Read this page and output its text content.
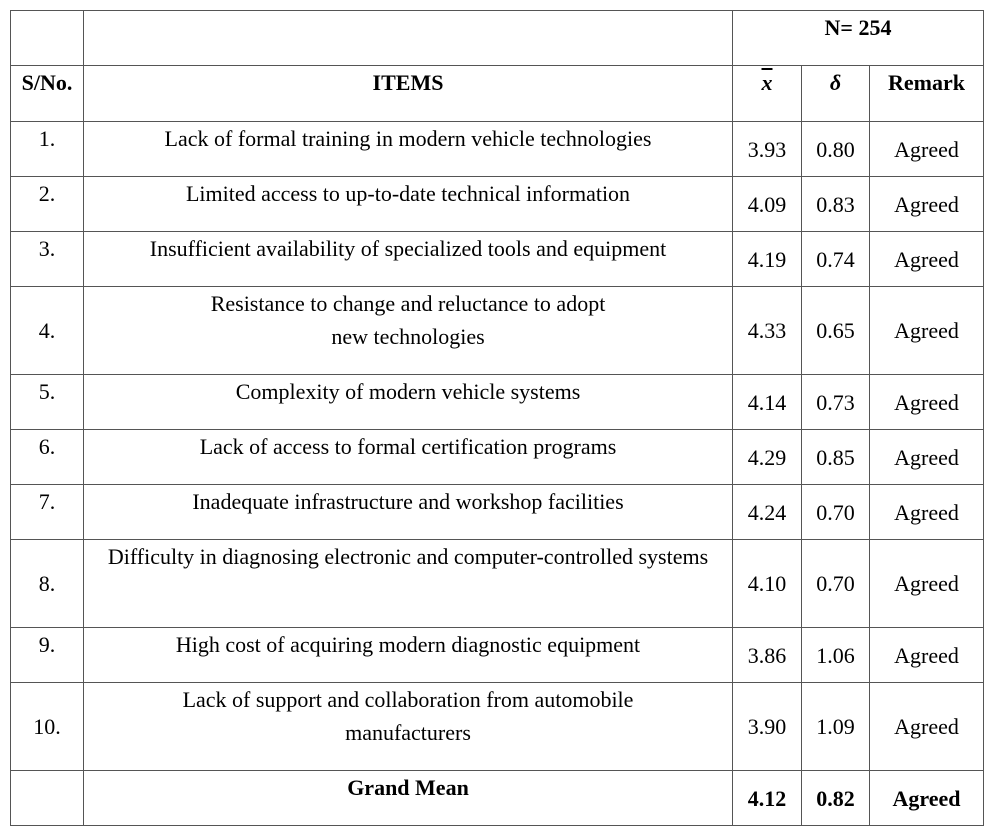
		N= 254		
S/No.	ITEMS	$\overline{x}$	δ	Remark
1.	Lack of formal training in modern vehicle technologies	3.93	0.80	Agreed
2.	Limited access to up-to-date technical information	4.09	0.83	Agreed
3.	Insufficient availability of specialized tools and equipment	4.19	0.74	Agreed
4.	Resistance to change and reluctance to adopt new technologies	4.33	0.65	Agreed
5.	Complexity of modern vehicle systems	4.14	0.73	Agreed
6.	Lack of access to formal certification programs	4.29	0.85	Agreed
7.	Inadequate infrastructure and workshop facilities	4.24	0.70	Agreed
8.	Difficulty in diagnosing electronic and computer-controlled systems	4.10	0.70	Agreed
9.	High cost of acquiring modern diagnostic equipment	3.86	1.06	Agreed
10.	Lack of support and collaboration from automobile manufacturers	3.90	1.09	Agreed
	Grand Mean	4.12	0.82	Agreed
